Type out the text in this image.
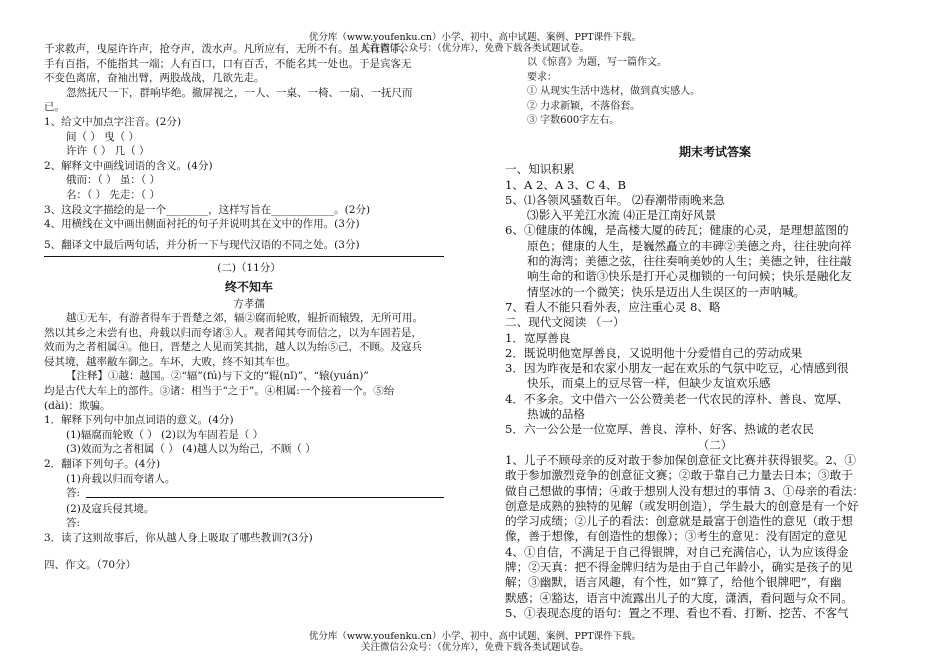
优分库（www.youfenku.cn）小学、初中、高中试题、案例、PPT课件下载。
关注微信公众号：（优分库），免费下载各类试题试卷。
千求救声，曳屋许许声，抢夺声，泼水声。凡所应有，无所不有。虽人有百手，
手有百指，不能指其一端；人有百口，口有百舌，不能名其一处也。于是宾客无
不变色离席，奋袖出臂，两股战战，几欲先走。
忽然抚尺一下，群响毕绝。撤屏视之，一人、一桌、一椅、一扇、一抚尺而
已。
1、给文中加点字注音。(2分)
间（ ） 曳（ ）
许许（ ） 几（ ）
2、解释文中画线词语的含义。(4分)
俄而：（ ） 虽：（ ）
名：（ ） 先走：（ ）
3、这段文字描绘的是一个________，这样写旨在____________。(2分)
4、用横线在文中画出侧面衬托的句子并说明其在文中的作用。(3分)
5、翻译文中最后两句话，并分析一下与现代汉语的不同之处。(3分)
(二)（11分）
终不知车
方孝孺
越①无车，有游者得车于晋楚之郊，辐②腐而轮败，辊折而辕毁，无所可用。
然以其乡之未尝有也，舟载以归而夸诸③人。观者闻其夸而信之，以为车固若是，
效而为之者相属④。他日，晋楚之人见而笑其拙，越人以为绐⑤己，不顾。及寇兵
侵其境，越率敝车御之。车坏，大败，终不知其车也。
【注释】①越：越国。②“辐”(fú)与下文的“辊(nǐ)”、“辕(yuán)”
均是古代大车上的部件。③诸：相当于“之于”。④相属:一个接着一个。⑤绐
(dài)：欺骗。
1．解释下列句中加点词语的意义。(4分)
(1)辐腐而轮败（ ） (2)以为车固若是（ ）
(3)效而为之者相属（ ） (4)越人以为绐己，不顾（ ）
2．翻译下列句子。(4分)
(1)舟载以归而夸诸人。
答:
(2)及寇兵侵其境。
答:
3．读了这则故事后，你从越人身上吸取了哪些教训?(3分)
四、作文。（70分）
以《惊喜》为题，写一篇作文。
要求：
① 从现实生活中选材，做到真实感人。
② 力求新颖，不落俗套。
③ 字数600字左右。
期末考试答案
一、知识积累
1、A 2、A 3、C 4、B
5、⑴各领风骚数百年。 ⑵春潮带雨晚来急
⑶影入平羌江水流 ⑷正是江南好风景
6、①健康的体魄，是高楼大厦的砖瓦；健康的心灵，是理想蓝图的
原色；健康的人生，是巍然矗立的丰碑②美德之舟，往往驶向祥
和的海湾；美德之弦，往往奏响美妙的人生；美德之钟，往往敲
响生命的和谐③快乐是打开心灵枷锁的一句问候；快乐是融化友
情坚冰的一个微笑；快乐是迈出人生误区的一声呐喊。
7、看人不能只看外表，应注重心灵 8、略
二、现代文阅读 （一）
1．宽厚善良
2．既说明他宽厚善良，又说明他十分爱惜自己的劳动成果
3．因为昨夜是和农家小朋友一起在欢乐的气氛中吃豆，心情感到很
快乐，而桌上的豆尽管一样，但缺少友谊欢乐感
4．不多余。文中借六一公公赞美老一代农民的淳朴、善良、宽厚、
热诚的品格
5．六一公公是一位宽厚、善良、淳朴、好客、热诚的老农民
（二）
1、儿子不顾母亲的反对敢于参加保创意征文比赛并获得银奖。2、①
敢于参加激烈竞争的创意征文赛；②敢于靠自己力量去日本；③敢于
做自己想做的事情；④敢于想别人没有想过的事情 3、①母亲的看法：
创意是成熟的独特的见解（或发明创造），学生最大的创意是有一个好
的学习成绩；②儿子的看法：创意就是最富于创造性的意见（敢于想
像，善于想像，有创造性的想像）；③考生的意见：没有固定的意见
4、①自信，不满足于自己得银牌，对自己充满信心，认为应该得金
牌；②天真：把不得金牌归结为是由于自己年龄小，确实是孩子的见
解；③幽默，语言风趣，有个性，如“算了，给他个银牌吧”，有幽
默感；④豁达，语言中流露出儿子的大度，潇洒，看问题与众不同。
5、①表现态度的语句：置之不理、看也不看、打断、挖苦、不客气
优分库（www.youfenku.cn）小学、初中、高中试题、案例、PPT课件下载。
关注微信公众号：（优分库），免费下载各类试题试卷。
